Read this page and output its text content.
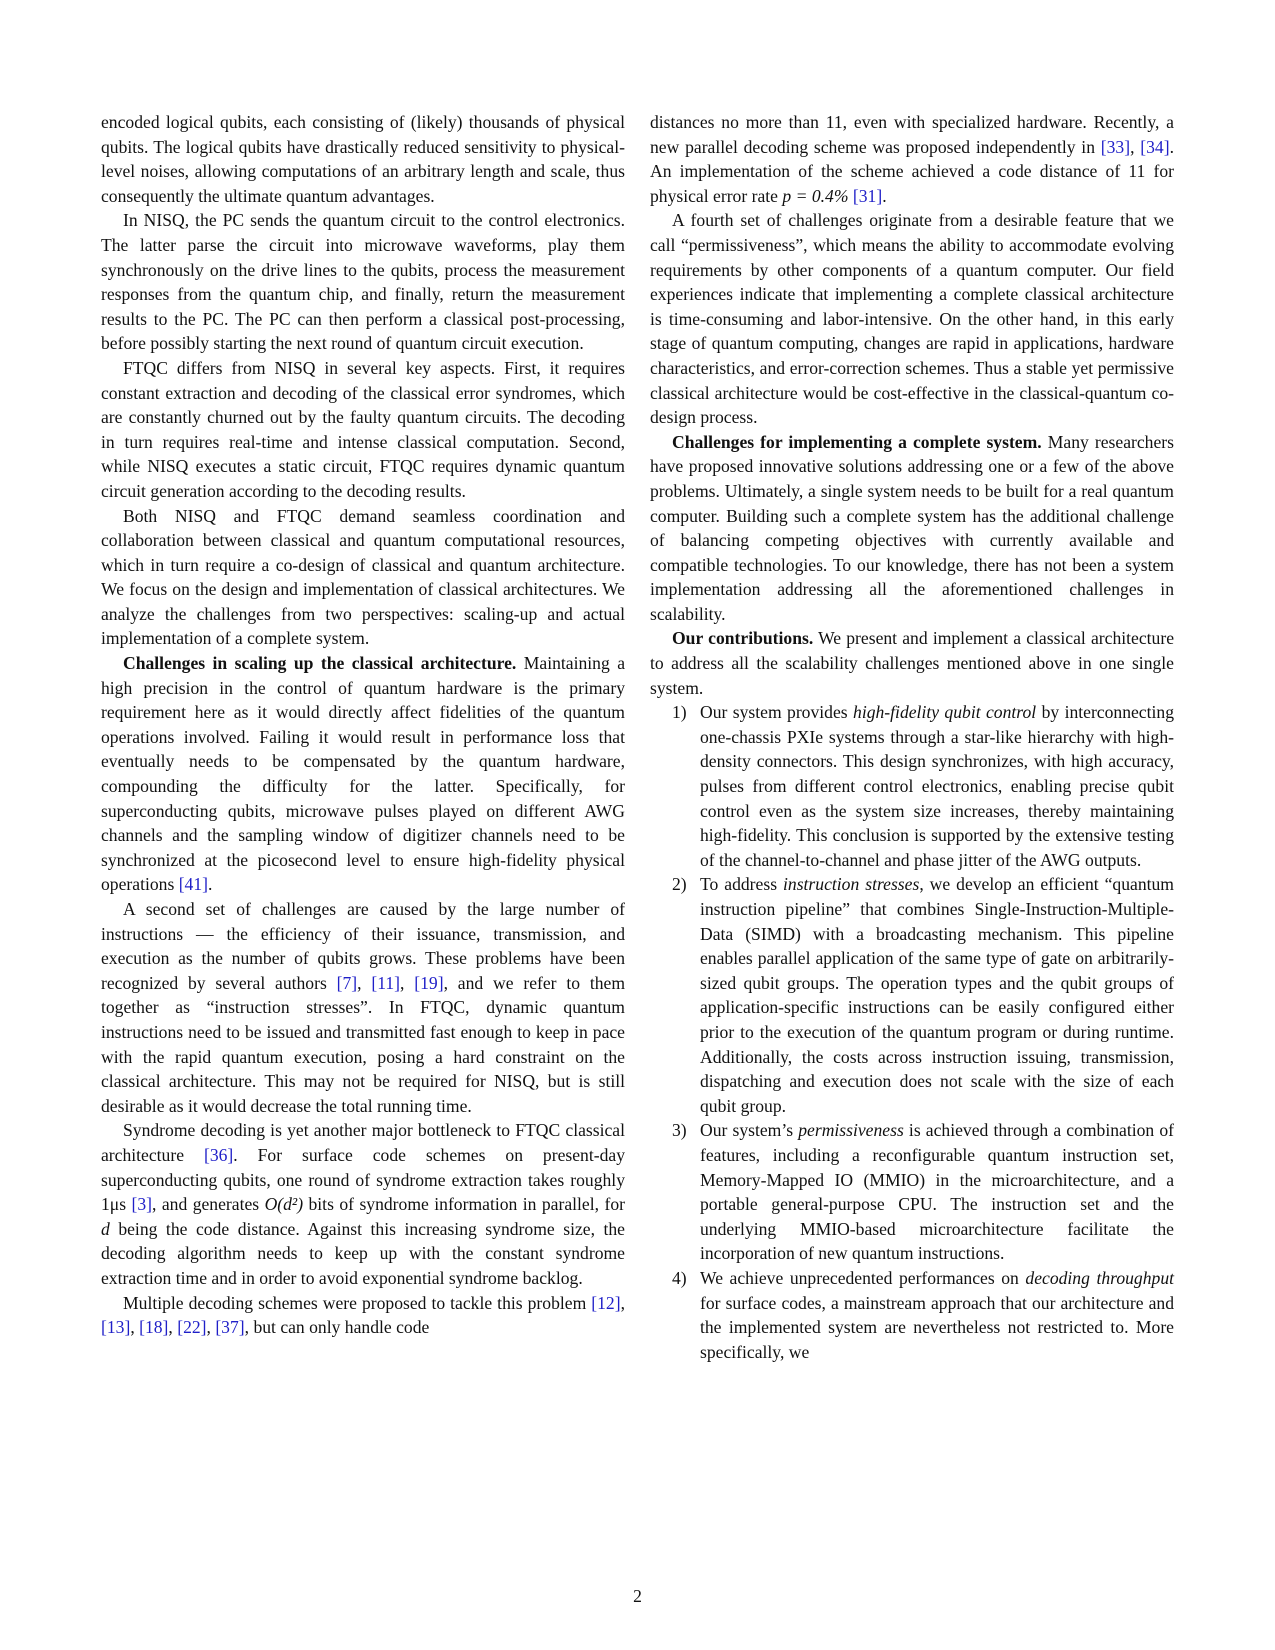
encoded logical qubits, each consisting of (likely) thousands of physical qubits. The logical qubits have drastically reduced sensitivity to physical-level noises, allowing computations of an arbitrary length and scale, thus consequently the ultimate quantum advantages.

In NISQ, the PC sends the quantum circuit to the control electronics. The latter parse the circuit into microwave waveforms, play them synchronously on the drive lines to the qubits, process the measurement responses from the quantum chip, and finally, return the measurement results to the PC. The PC can then perform a classical post-processing, before possibly starting the next round of quantum circuit execution.

FTQC differs from NISQ in several key aspects. First, it requires constant extraction and decoding of the classical error syndromes, which are constantly churned out by the faulty quantum circuits. The decoding in turn requires real-time and intense classical computation. Second, while NISQ executes a static circuit, FTQC requires dynamic quantum circuit generation according to the decoding results.

Both NISQ and FTQC demand seamless coordination and collaboration between classical and quantum computational resources, which in turn require a co-design of classical and quantum architecture. We focus on the design and implementation of classical architectures. We analyze the challenges from two perspectives: scaling-up and actual implementation of a complete system.

Challenges in scaling up the classical architecture. Maintaining a high precision in the control of quantum hardware is the primary requirement here as it would directly affect fidelities of the quantum operations involved. Failing it would result in performance loss that eventually needs to be compensated by the quantum hardware, compounding the difficulty for the latter. Specifically, for superconducting qubits, microwave pulses played on different AWG channels and the sampling window of digitizer channels need to be synchronized at the picosecond level to ensure high-fidelity physical operations [41].

A second set of challenges are caused by the large number of instructions — the efficiency of their issuance, transmission, and execution as the number of qubits grows. These problems have been recognized by several authors [7], [11], [19], and we refer to them together as “instruction stresses”. In FTQC, dynamic quantum instructions need to be issued and transmitted fast enough to keep in pace with the rapid quantum execution, posing a hard constraint on the classical architecture. This may not be required for NISQ, but is still desirable as it would decrease the total running time.

Syndrome decoding is yet another major bottleneck to FTQC classical architecture [36]. For surface code schemes on present-day superconducting qubits, one round of syndrome extraction takes roughly 1μs [3], and generates O(d²) bits of syndrome information in parallel, for d being the code distance. Against this increasing syndrome size, the decoding algorithm needs to keep up with the constant syndrome extraction time and in order to avoid exponential syndrome backlog.

Multiple decoding schemes were proposed to tackle this problem [12], [13], [18], [22], [37], but can only handle code

distances no more than 11, even with specialized hardware. Recently, a new parallel decoding scheme was proposed independently in [33], [34]. An implementation of the scheme achieved a code distance of 11 for physical error rate p = 0.4% [31].

A fourth set of challenges originate from a desirable feature that we call “permissiveness”, which means the ability to accommodate evolving requirements by other components of a quantum computer. Our field experiences indicate that implementing a complete classical architecture is time-consuming and labor-intensive. On the other hand, in this early stage of quantum computing, changes are rapid in applications, hardware characteristics, and error-correction schemes. Thus a stable yet permissive classical architecture would be cost-effective in the classical-quantum co-design process.

Challenges for implementing a complete system. Many researchers have proposed innovative solutions addressing one or a few of the above problems. Ultimately, a single system needs to be built for a real quantum computer. Building such a complete system has the additional challenge of balancing competing objectives with currently available and compatible technologies. To our knowledge, there has not been a system implementation addressing all the aforementioned challenges in scalability.

Our contributions. We present and implement a classical architecture to address all the scalability challenges mentioned above in one single system.

1) Our system provides high-fidelity qubit control by interconnecting one-chassis PXIe systems through a star-like hierarchy with high-density connectors. This design synchronizes, with high accuracy, pulses from different control electronics, enabling precise qubit control even as the system size increases, thereby maintaining high-fidelity. This conclusion is supported by the extensive testing of the channel-to-channel and phase jitter of the AWG outputs.
2) To address instruction stresses, we develop an efficient “quantum instruction pipeline” that combines Single-Instruction-Multiple-Data (SIMD) with a broadcasting mechanism. This pipeline enables parallel application of the same type of gate on arbitrarily-sized qubit groups. The operation types and the qubit groups of application-specific instructions can be easily configured either prior to the execution of the quantum program or during runtime. Additionally, the costs across instruction issuing, transmission, dispatching and execution does not scale with the size of each qubit group.
3) Our system’s permissiveness is achieved through a combination of features, including a reconfigurable quantum instruction set, Memory-Mapped IO (MMIO) in the microarchitecture, and a portable general-purpose CPU. The instruction set and the underlying MMIO-based microarchitecture facilitate the incorporation of new quantum instructions.
4) We achieve unprecedented performances on decoding throughput for surface codes, a mainstream approach that our architecture and the implemented system are nevertheless not restricted to. More specifically, we
2
